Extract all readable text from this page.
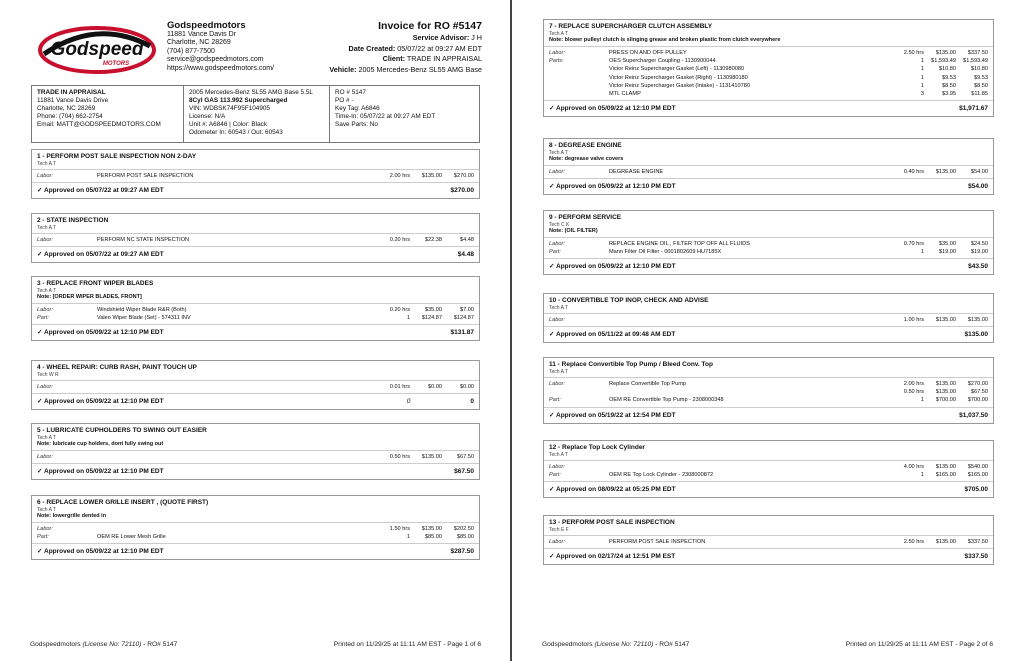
Godspeed
MOTORS
Godspeedmotors
11881 Vance Davis Dr
Charlotte, NC 28269
(704) 877-7500
service@godspeedmotors.com
https://www.godspeedmotors.com/
Invoice for RO #5147
Service Advisor: J H
Date Created: 05/07/22 at 09:27 AM EDT
Client: TRADE IN APPRAISAL
Vehicle: 2005 Mercedes-Benz SL55 AMG Base
TRADE IN APPRAISAL
11881 Vance Davis Drive
Charlotte, NC 28269
Phone: (704) 662-2754
Email: MATT@GODSPEEDMOTORS.COM
2005 Mercedes-Benz SL55 AMG Base 5.5L
8Cyl GAS 113.992 Supercharged
VIN: WDBSK74F95F104905
License: N/A
Unit #: A6846 | Color: Black
Odometer In: 60543 / Out: 60543
RO # 5147
PO # -
Key Tag: A6846
Time-In: 05/07/22 at 09:27 AM EDT
Save Parts: No
1 - PERFORM POST SALE INSPECTION NON 2-DAY
Tech A T
Labor:	PERFORM POST SALE INSPECTION	2.00 hrs	$135.00	$270.00
✓ Approved on 05/07/22 at 09:27 AM EDT	$270.00
2 - STATE INSPECTION
Tech A T
Labor:	PERFORM NC STATE INSPECTION	0.20 hrs	$22.38	$4.48
✓ Approved on 05/07/22 at 09:27 AM EDT	$4.48
3 - REPLACE FRONT WIPER BLADES
Tech A T
Note: [ORDER WIPER BLADES, FRONT]
Labor:	Windshield Wiper Blade R&R (Both)	0.20 hrs	$35.00	$7.00
Part:	Valeo Wiper Blade (Set) - 574311 INV	1	$124.87	$124.87
✓ Approved on 05/09/22 at 12:10 PM EDT	$131.87
4 - WHEEL REPAIR: CURB RASH, PAINT TOUCH UP
Tech W R
Labor:	0.01 hrs	$0.00	$0.00
✓ Approved on 05/09/22 at 12:10 PM EDT	0	0
5 - LUBRICATE CUPHOLDERS TO SWING OUT EASIER
Tech A T
Note: lubricate cup holders, dont fully swing out
Labor:	0.50 hrs	$135.00	$67.50
✓ Approved on 05/09/22 at 12:10 PM EDT	$67.50
6 - REPLACE LOWER GRILLE INSERT , (QUOTE FIRST)
Tech A T
Note: lowergrille dented in
Labor:	1.50 hrs	$135.00	$202.50
Part:	OEM RE Lower Mesh Grille	1	$85.00	$85.00
✓ Approved on 05/09/22 at 12:10 PM EDT	$287.50
Godspeedmotors (License No: 72110) - RO# 5147	Printed on 11/29/25 at 11:11 AM EST - Page 1 of 6
7 - REPLACE SUPERCHARGER CLUTCH ASSEMBLY
Tech A T
Note: blower pulley/ clutch is slinging grease and broken plastic from clutch everywhere
Labor:	PRESS ON AND OFF PULLEY	2.50 hrs	$135.00	$337.50
Parts:	OES Supercharger Coupling - 1130900044	1	$1,593.49	$1,593.49
Victor Reinz Supercharger Gasket (Left) - 1130980080	1	$10.80	$10.80
Victor Reinz Supercharger Gasket (Right) - 1130980180	1	$9.53	$9.53
Victor Reinz Supercharger Gasket (Intake) - 1131410780	1	$8.50	$8.50
MTL CLAMP	3	$3.95	$11.85
✓ Approved on 05/09/22 at 12:10 PM EDT	$1,971.67
8 - DEGREASE ENGINE
Tech A T
Note: degrease valve covers
Labor:	DEGREASE ENGINE	0.40 hrs	$135.00	$54.00
✓ Approved on 05/09/22 at 12:10 PM EDT	$54.00
9 - PERFORM SERVICE
Tech C K
Note: (OIL FILTER)
Labor:	REPLACE ENGINE OIL , FILTER TOP OFF ALL FLUIDS	0.70 hrs	$35.00	$24.50
Part:	Mann Filter Oil Filter - 0001802609 HU7185X	1	$19.00	$19.00
✓ Approved on 05/09/22 at 12:10 PM EDT	$43.50
10 - CONVERTIBLE TOP INOP, CHECK AND ADVISE
Tech A T
Labor:	1.00 hrs	$135.00	$135.00
✓ Approved on 05/11/22 at 09:48 AM EDT	$135.00
11 - Replace Convertible Top Pump / Bleed Conv. Top
Tech A T
Labor:	Replace Convertible Top Pump	2.00 hrs	$135.00	$270.00
0.50 hrs	$135.00	$67.50
Part:	OEM RE Convertible Top Pump - 2308000348	1	$700.00	$700.00
✓ Approved on 05/19/22 at 12:54 PM EDT	$1,037.50
12 - Replace Top Lock Cylinder
Tech A T
Labor:	4.00 hrs	$135.00	$540.00
Part:	OEM RE Top Lock Cylinder - 2308000872	1	$165.00	$165.00
✓ Approved on 08/09/22 at 05:25 PM EDT	$705.00
13 - PERFORM POST SALE INSPECTION
Tech E F
Labor:	PERFORM POST SALE INSPECTION	2.50 hrs	$135.00	$337.50
✓ Approved on 02/17/24 at 12:51 PM EST	$337.50
Godspeedmotors (License No: 72110) - RO# 5147	Printed on 11/29/25 at 11:11 AM EST - Page 2 of 6
